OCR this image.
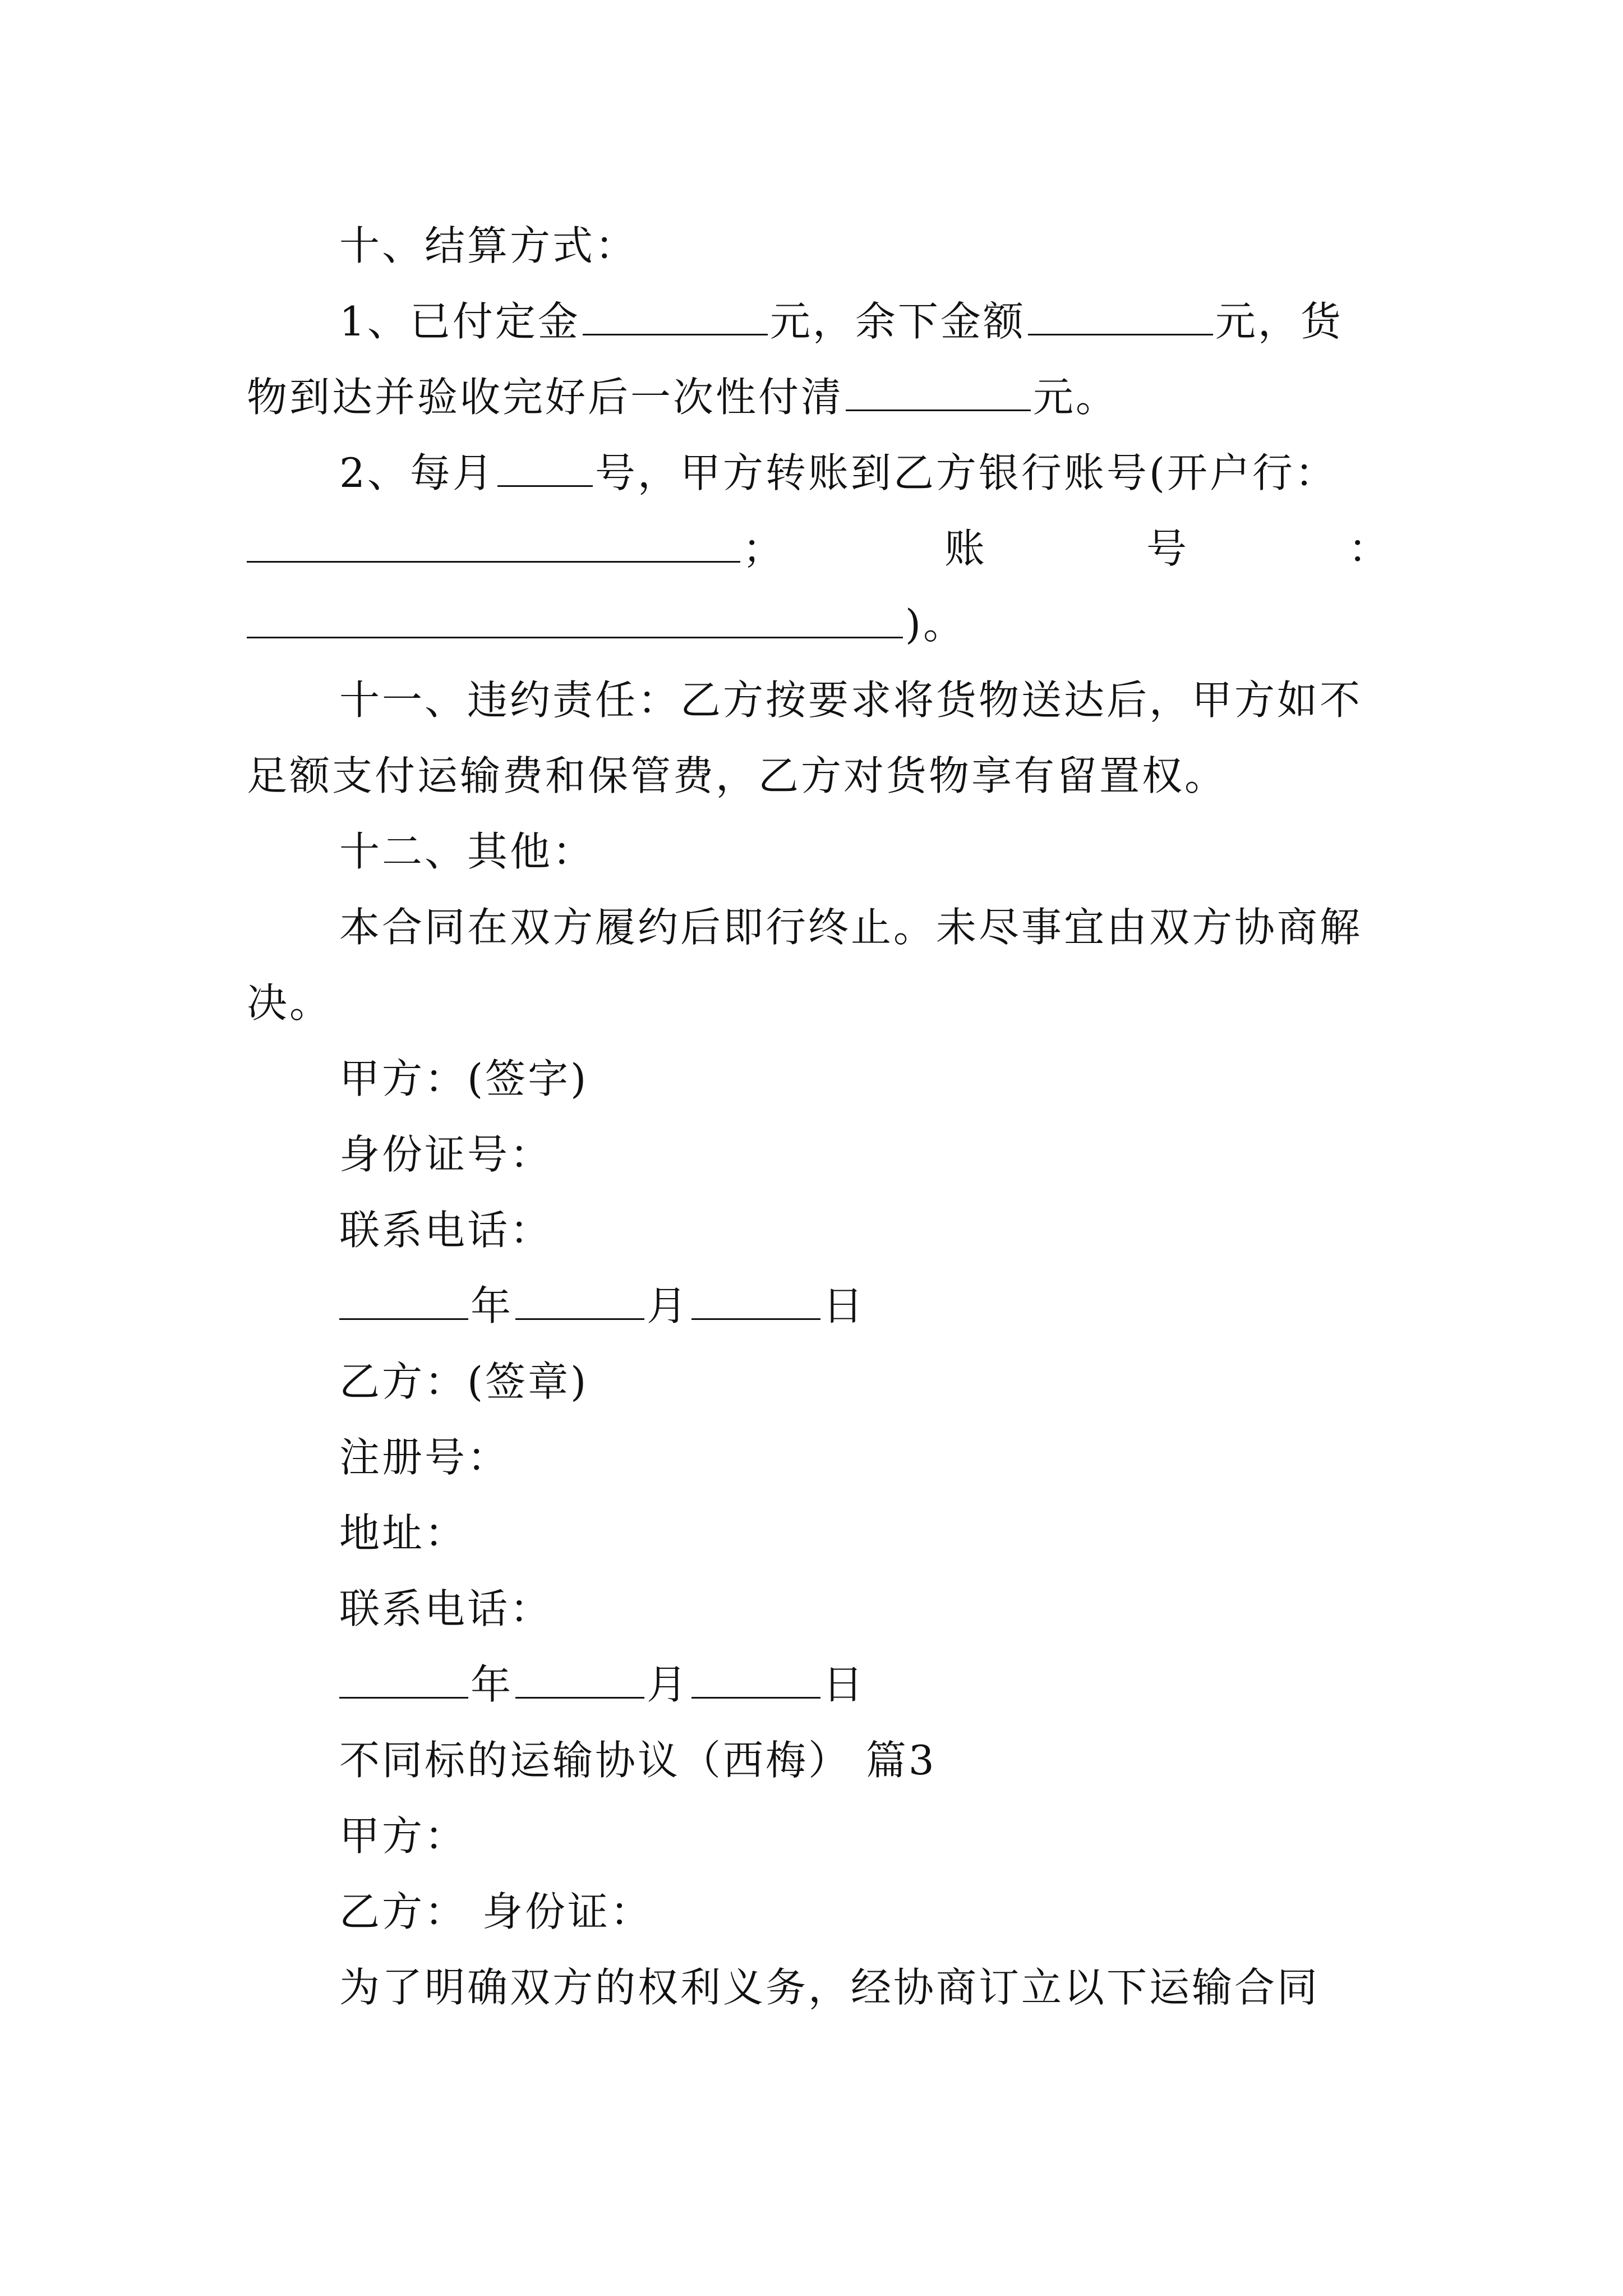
十、结算方式：
1、已付定金	元，余下金额	元，货
物到达并验收完好后一次性付清	元。
2、每月 号，甲方转账到乙方银行账号(开户行：
；	账	号	：
)。
十一、违约责任：乙方按要求将货物送达后，甲方如不
足额支付运输费和保管费，乙方对货物享有留置权。
十二、其他：
本合同在双方履约后即行终止。未尽事宜由双方协商解
决。
甲方：(签字)
身份证号：
联系电话：
年	月	日
乙方：(签章)
注册号：
地址：
联系电话：
年	月	日
不同标的运输协议（西梅） 篇3
甲方：
乙方： 身份证：
为了明确双方的权利义务，经协商订立以下运输合同
